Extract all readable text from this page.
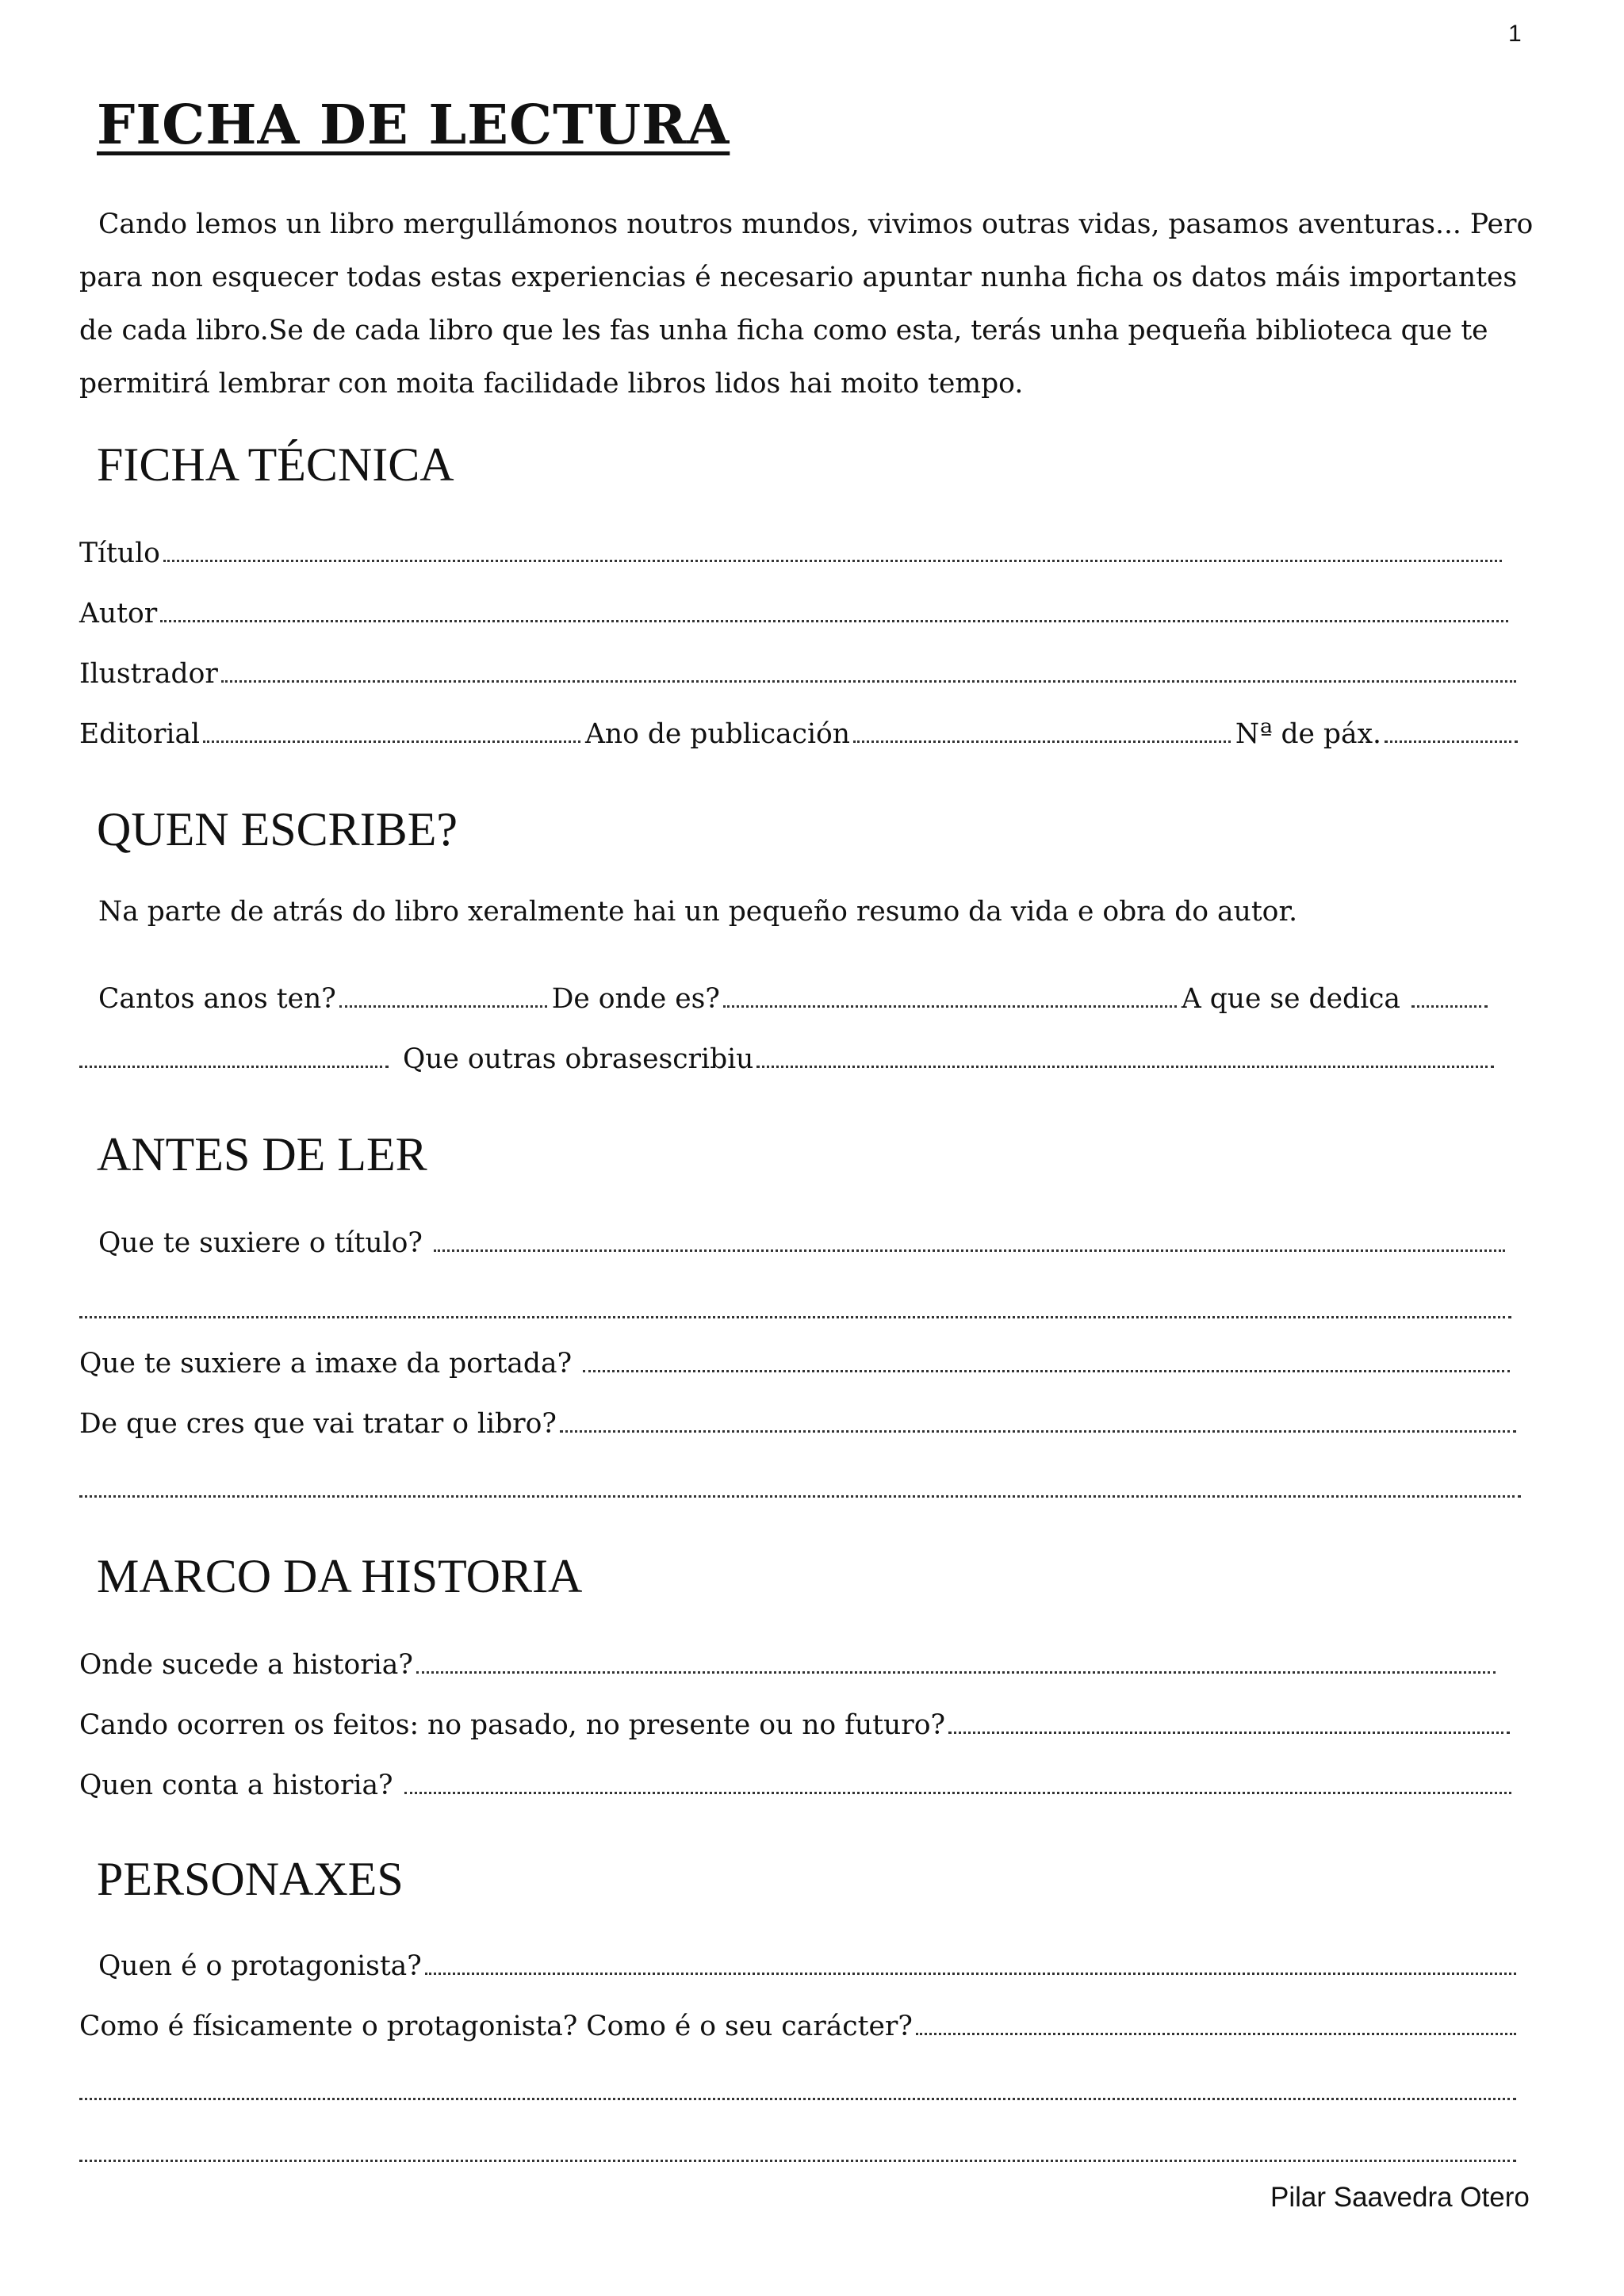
1
FICHA DE LECTURA

Cando lemos un libro mergullámonos noutros mundos, vivimos outras vidas, pasamos aventuras... Pero para non esquecer todas estas experiencias é necesario apuntar nunha ficha os datos máis importantes de cada libro.Se de cada libro que les fas unha ficha como esta, terás unha pequeña biblioteca que te permitirá lembrar con moita facilidade libros lidos hai moito tempo.

FICHA TÉCNICA
Título
Autor
Ilustrador
Editorial	Ano de publicación	Nª de páx.
QUEN ESCRIBE?
Na parte de atrás do libro xeralmente hai un pequeño resumo da vida e obra do autor.
Cantos anos ten?	De onde es?	A que se dedica
Que outras obrasescribiu
ANTES DE LER
Que te suxiere o título?
Que te suxiere a imaxe da portada?
De que cres que vai tratar o libro?
MARCO DA HISTORIA
Onde sucede a historia?
Cando ocorren os feitos: no pasado, no presente ou no futuro?
Quen conta a historia?
PERSONAXES
Quen é o protagonista?
Como é físicamente o protagonista? Como é o seu carácter?
Pilar Saavedra Otero
